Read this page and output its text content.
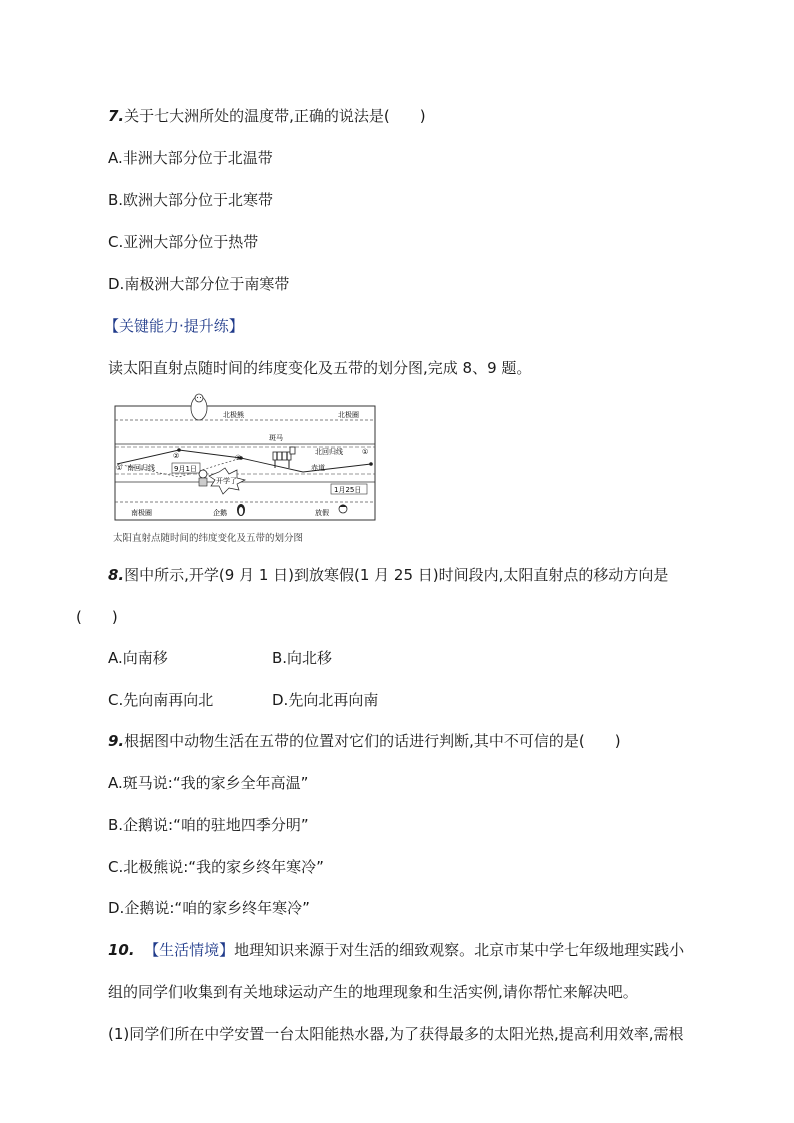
7.关于七大洲所处的温度带,正确的说法是(　　)
A.非洲大部分位于北温带
B.欧洲大部分位于北寒带
C.亚洲大部分位于热带
D.南极洲大部分位于南寒带
【关键能力·提升练】
读太阳直射点随时间的纬度变化及五带的划分图,完成 8、9 题。
北极熊	北极圈
斑马
北回归线	①
赤道
① 南回归线
②	③
9月1日
1月25日
开学了
南极圈	企鹅	放假
太阳直射点随时间的纬度变化及五带的划分图
8.图中所示,开学(9 月 1 日)到放寒假(1 月 25 日)时间段内,太阳直射点的移动方向是
(　　)
A.向南移	B.向北移
C.先向南再向北	D.先向北再向南
9.根据图中动物生活在五带的位置对它们的话进行判断,其中不可信的是(　　)
A.斑马说:“我的家乡全年高温”
B.企鹅说:“咱的驻地四季分明”
C.北极熊说:“我的家乡终年寒冷”
D.企鹅说:“咱的家乡终年寒冷”
10. 【生活情境】地理知识来源于对生活的细致观察。北京市某中学七年级地理实践小
组的同学们收集到有关地球运动产生的地理现象和生活实例,请你帮忙来解决吧。
(1)同学们所在中学安置一台太阳能热水器,为了获得最多的太阳光热,提高利用效率,需根
